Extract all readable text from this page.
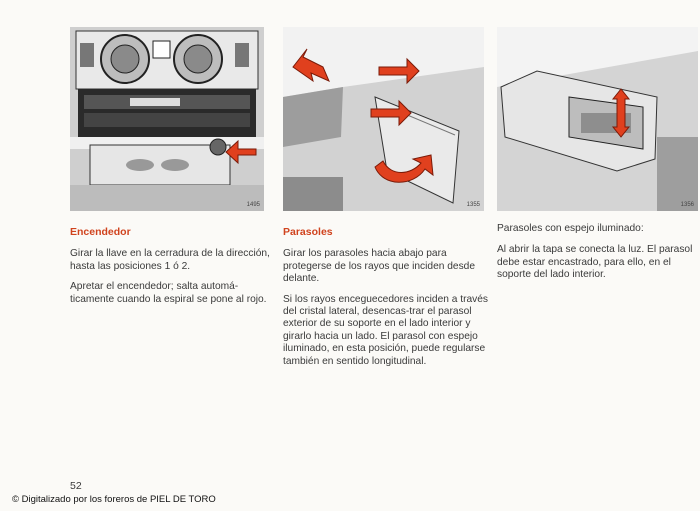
1495	1355	1356
Encendedor

Girar la llave en la cerradura de la dirección, hasta las posiciones 1 ó 2.

Apretar el encendedor; salta automá-ticamente cuando la espiral se pone al rojo.

Parasoles

Girar los parasoles hacia abajo para protegerse de los rayos que inciden desde delante.

Si los rayos enceguecedores inciden a través del cristal lateral, desencas-trar el parasol exterior de su soporte en el lado interior y girarlo hacia un lado. El parasol con espejo iluminado, en esta posición, puede regularse también en sentido longitudinal.

Parasoles con espejo iluminado:

Al abrir la tapa se conecta la luz. El parasol debe estar encastrado, para ello, en el soporte del lado interior.

52
© Digitalizado por los foreros de PIEL DE TORO
